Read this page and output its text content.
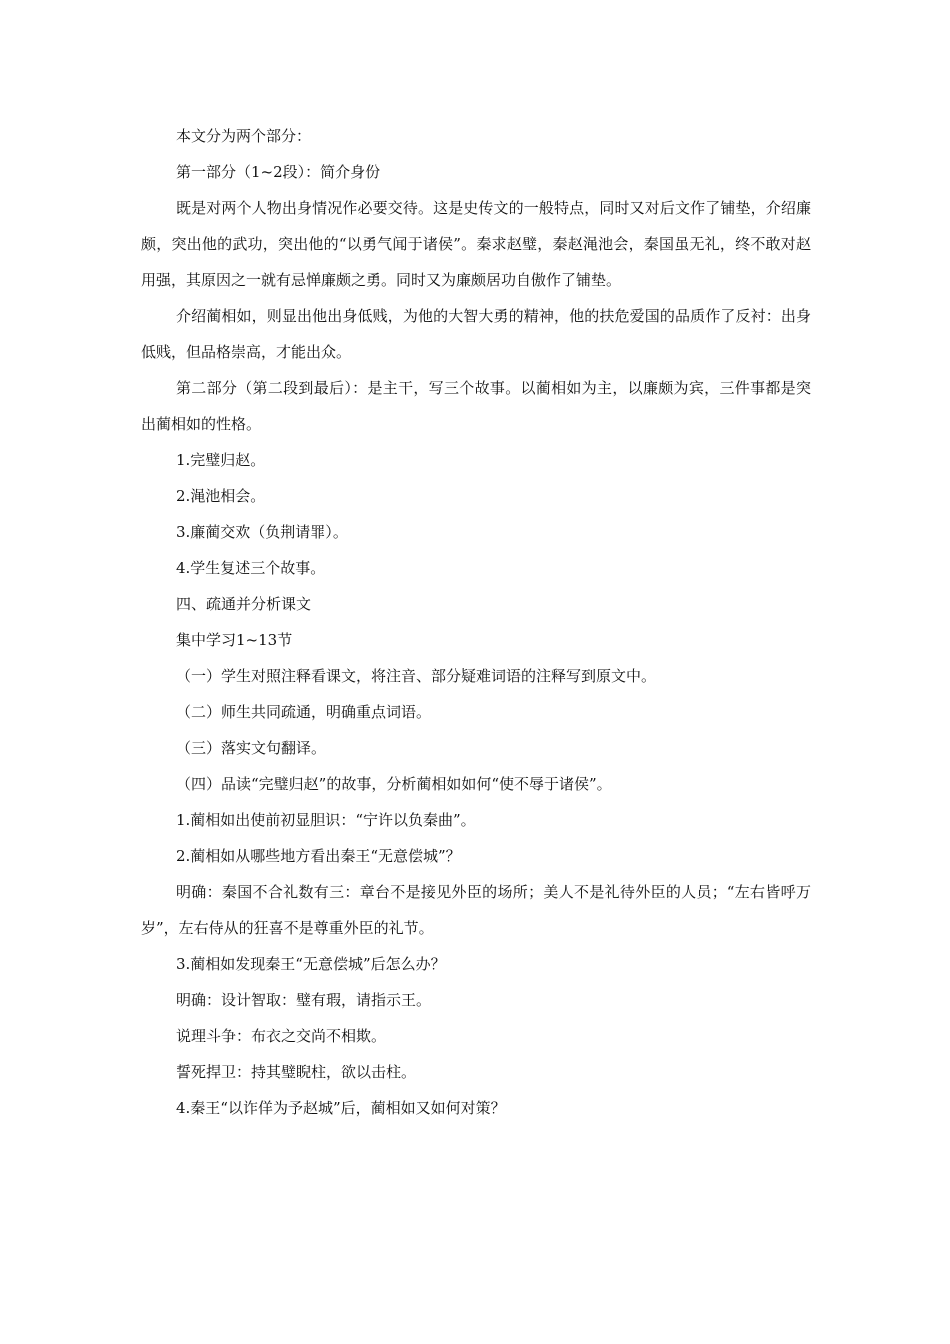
本文分为两个部分：
第一部分（1~2段）：简介身份
既是对两个人物出身情况作必要交待。这是史传文的一般特点，同时又对后文作了铺垫，介绍廉颇，突出他的武功，突出他的“以勇气闻于诸侯”。秦求赵璧，秦赵渑池会，秦国虽无礼，终不敢对赵用强，其原因之一就有忌惮廉颇之勇。同时又为廉颇居功自傲作了铺垫。
介绍蔺相如，则显出他出身低贱，为他的大智大勇的精神，他的扶危爱国的品质作了反衬：出身低贱，但品格崇高，才能出众。
第二部分（第二段到最后）：是主干，写三个故事。以蔺相如为主，以廉颇为宾，三件事都是突出蔺相如的性格。
1.完璧归赵。
2.渑池相会。
3.廉蔺交欢（负荆请罪）。
4.学生复述三个故事。
四、疏通并分析课文
集中学习1~13节
（一）学生对照注释看课文，将注音、部分疑难词语的注释写到原文中。
（二）师生共同疏通，明确重点词语。
（三）落实文句翻译。
（四）品读“完璧归赵”的故事，分析蔺相如如何“使不辱于诸侯”。
1.蔺相如出使前初显胆识：“宁许以负秦曲”。
2.蔺相如从哪些地方看出秦王“无意偿城”？
明确：秦国不合礼数有三：章台不是接见外臣的场所；美人不是礼待外臣的人员；“左右皆呼万岁”，左右侍从的狂喜不是尊重外臣的礼节。
3.蔺相如发现秦王“无意偿城”后怎么办？
明确：设计智取：璧有瑕，请指示王。
说理斗争：布衣之交尚不相欺。
誓死捍卫：持其璧睨柱，欲以击柱。
4.秦王“以诈佯为予赵城”后，蔺相如又如何对策？
